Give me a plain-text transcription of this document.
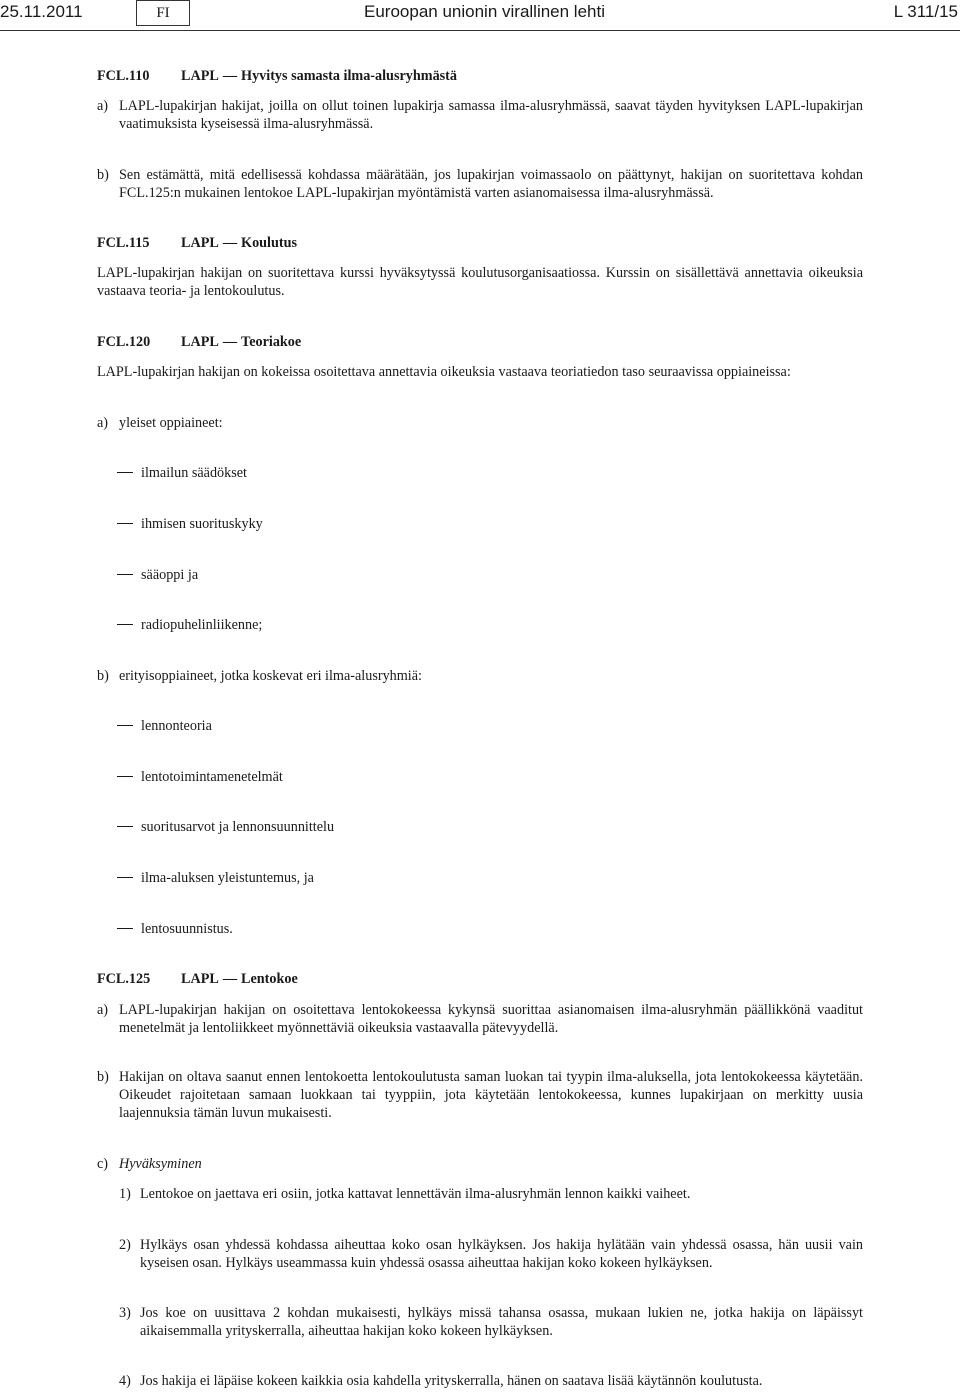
25.11.2011	FI	Euroopan unionin virallinen lehti	L 311/15
FCL.110 LAPL — Hyvitys samasta ilma-alusryhmästä
a) LAPL-lupakirjan hakijat, joilla on ollut toinen lupakirja samassa ilma-alusryhmässä, saavat täyden hyvityksen LAPL-lupakirjan vaatimuksista kyseisessä ilma-alusryhmässä.
b) Sen estämättä, mitä edellisessä kohdassa määrätään, jos lupakirjan voimassaolo on päättynyt, hakijan on suoritettava kohdan FCL.125:n mukainen lentokoe LAPL-lupakirjan myöntämistä varten asianomaisessa ilma-alusryhmässä.
FCL.115 LAPL — Koulutus
LAPL-lupakirjan hakijan on suoritettava kurssi hyväksytyssä koulutusorganisaatiossa. Kurssin on sisällettävä annettavia oikeuksia vastaava teoria- ja lentokoulutus.
FCL.120 LAPL — Teoriakoe
LAPL-lupakirjan hakijan on kokeissa osoitettava annettavia oikeuksia vastaava teoriatiedon taso seuraavissa oppiaineissa:
a) yleiset oppiaineet:
ilmailun säädökset
ihmisen suorituskyky
sääoppi ja
radiopuhelinliikenne;
b) erityisoppiaineet, jotka koskevat eri ilma-alusryhmiä:
lennonteoria
lentotoimintamenetelmät
suoritusarvot ja lennonsuunnittelu
ilma-aluksen yleistuntemus, ja
lentosuunnistus.
FCL.125 LAPL — Lentokoe
a) LAPL-lupakirjan hakijan on osoitettava lentokokeessa kykynsä suorittaa asianomaisen ilma-alusryhmän päällikkönä vaaditut menetelmät ja lentoliikkeet myönnettäviä oikeuksia vastaavalla pätevyydellä.
b) Hakijan on oltava saanut ennen lentokoetta lentokoulutusta saman luokan tai tyypin ilma-aluksella, jota lentokokeessa käytetään. Oikeudet rajoitetaan samaan luokkaan tai tyyppiin, jota käytetään lentokokeessa, kunnes lupakirjaan on merkitty uusia laajennuksia tämän luvun mukaisesti.
c) Hyväksyminen
1) Lentokoe on jaettava eri osiin, jotka kattavat lennettävän ilma-alusryhmän lennon kaikki vaiheet.
2) Hylkäys osan yhdessä kohdassa aiheuttaa koko osan hylkäyksen. Jos hakija hylätään vain yhdessä osassa, hän uusii vain kyseisen osan. Hylkäys useammassa kuin yhdessä osassa aiheuttaa hakijan koko kokeen hylkäyksen.
3) Jos koe on uusittava 2 kohdan mukaisesti, hylkäys missä tahansa osassa, mukaan lukien ne, jotka hakija on läpäissyt aikaisemmalla yrityskerralla, aiheuttaa hakijan koko kokeen hylkäyksen.
4) Jos hakija ei läpäise kokeen kaikkia osia kahdella yrityskerralla, hänen on saatava lisää käytännön koulutusta.
